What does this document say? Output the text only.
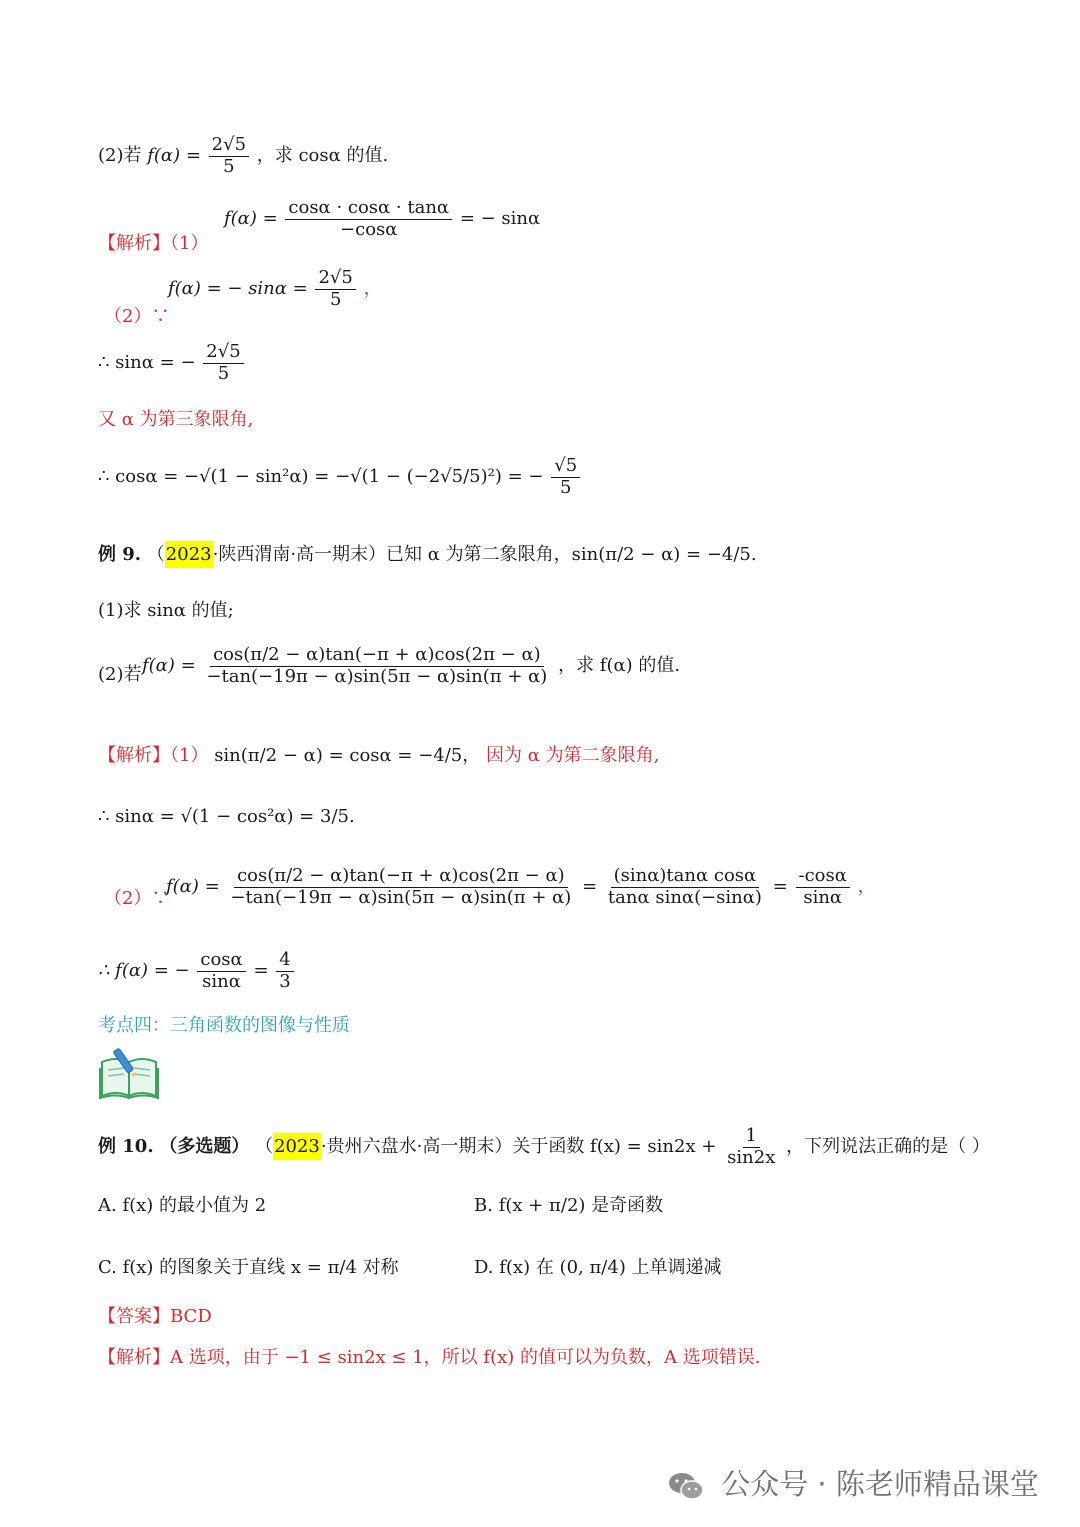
(2)若 $f(\alpha) = \frac{2√5}{5}$ ，求 cosα 的值.
【解析】（1）
$f(\alpha) = \frac{\cos\alpha \cdot \cos\alpha \cdot \tan\alpha}{-\cos\alpha}$ = − sinα
（2）∵
f(α) = − $\sin\alpha = \frac{2√5}{5}$ ，
∴ sinα = − $\frac{2√5}{5}$
又 α 为第三象限角,
∴ cosα = −√(1 − sin²α) = −√(1 − (−2√5/5)²) = − $\frac{√5}{5}$
例 9. （2023·陕西渭南·高一期末）已知 α 为第二象限角，sin(π/2 − α) = −4/5.
(1)求 sinα 的值;
(2)若 $f(\alpha) = \frac{\cos(\pi/2 - \alpha)\tan(-\pi + \alpha)\cos(2\pi - \alpha)}{-\tan(-19\pi - \alpha)\sin(5\pi - \alpha)\sin(\pi + \alpha)}$ ，求 f(α) 的值.
【解析】（1） sin(π/2 − α) = cosα = −4/5， 因为 α 为第二象限角,
∴ sinα = √(1 − cos²α) = 3/5.
（2）∵
$f(\alpha) = \frac{\cos(\pi/2 - \alpha)\tan(-\pi + \alpha)\cos(2\pi - \alpha)}{-\tan(-19\pi - \alpha)\sin(5\pi - \alpha)\sin(\pi + \alpha)} = \frac{\text{(sinα)tanα cosα}}{\text{tanα sinα(−sinα)}} = \frac{-\cos\alpha}{\sin\alpha}$ ，
∴ f(α) = − $\frac{\cos\alpha}{\sin\alpha} = \frac{4}{3}$
考点四：三角函数的图像与性质
例 10. （多选题） （2023·贵州六盘水·高一期末）关于函数 $f(x) = \sin 2x + \frac{1}{\sin 2x}$ ，下列说法正确的是（ ）
A. f(x) 的最小值为 2	B. f(x + π/2) 是奇函数
C. f(x) 的图象关于直线 x = π/4 对称	D. f(x) 在 (0, π/4) 上单调递减
【答案】BCD
【解析】A 选项，由于 −1 ≤ sin2x ≤ 1，所以 f(x) 的值可以为负数，A 选项错误.
公众号 · 陈老师精品课堂
